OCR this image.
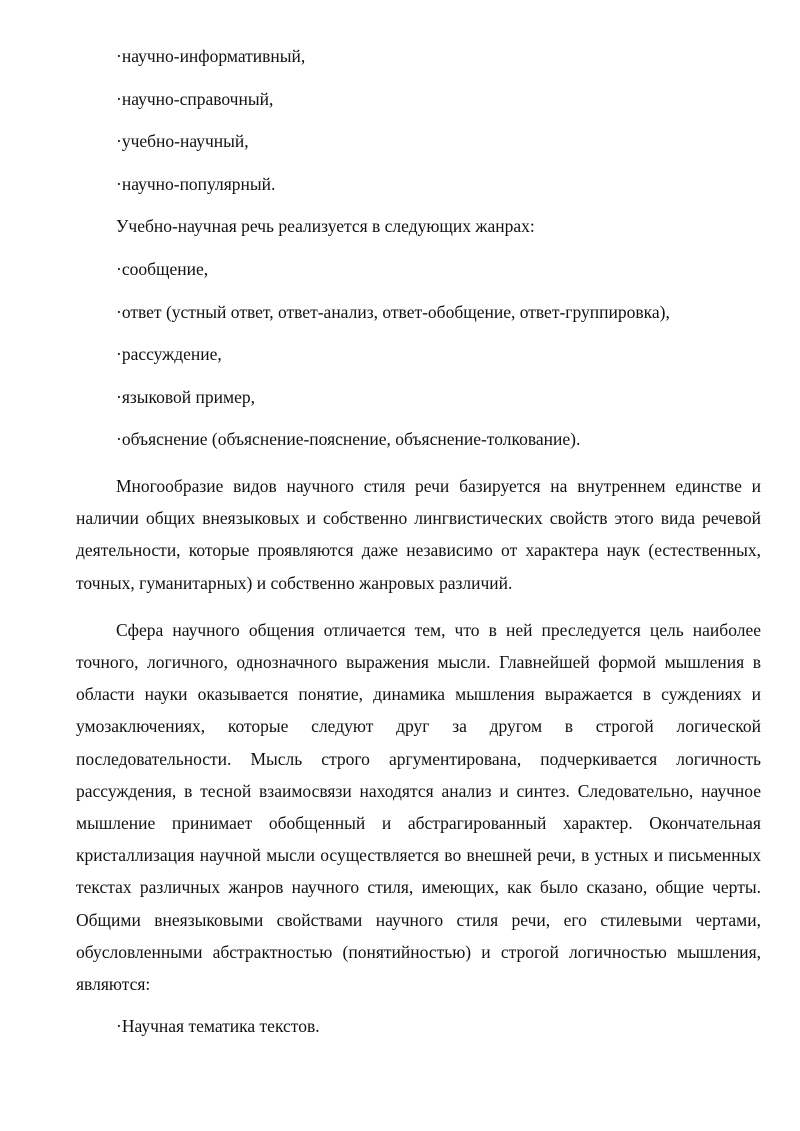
·научно-информативный,

·научно-справочный,

·учебно-научный,

·научно-популярный.

Учебно-научная речь реализуется в следующих жанрах:

·сообщение,

·ответ (устный ответ, ответ-анализ, ответ-обобщение, ответ-группировка),

·рассуждение,

·языковой пример,

·объяснение (объяснение-пояснение, объяснение-толкование).

Многообразие видов научного стиля речи базируется на внутреннем единстве и наличии общих внеязыковых и собственно лингвистических свойств этого вида речевой деятельности, которые проявляются даже независимо от характера наук (естественных, точных, гуманитарных) и собственно жанровых различий.

Сфера научного общения отличается тем, что в ней преследуется цель наиболее точного, логичного, однозначного выражения мысли. Главнейшей формой мышления в области науки оказывается понятие, динамика мышления выражается в суждениях и умозаключениях, которые следуют друг за другом в строгой логической последовательности. Мысль строго аргументирована, подчеркивается логичность рассуждения, в тесной взаимосвязи находятся анализ и синтез. Следовательно, научное мышление принимает обобщенный и абстрагированный характер. Окончательная кристаллизация научной мысли осуществляется во внешней речи, в устных и письменных текстах различных жанров научного стиля, имеющих, как было сказано, общие черты. Общими внеязыковыми свойствами научного стиля речи, его стилевыми чертами, обусловленными абстрактностью (понятийностью) и строгой логичностью мышления, являются:

·Научная тематика текстов.
